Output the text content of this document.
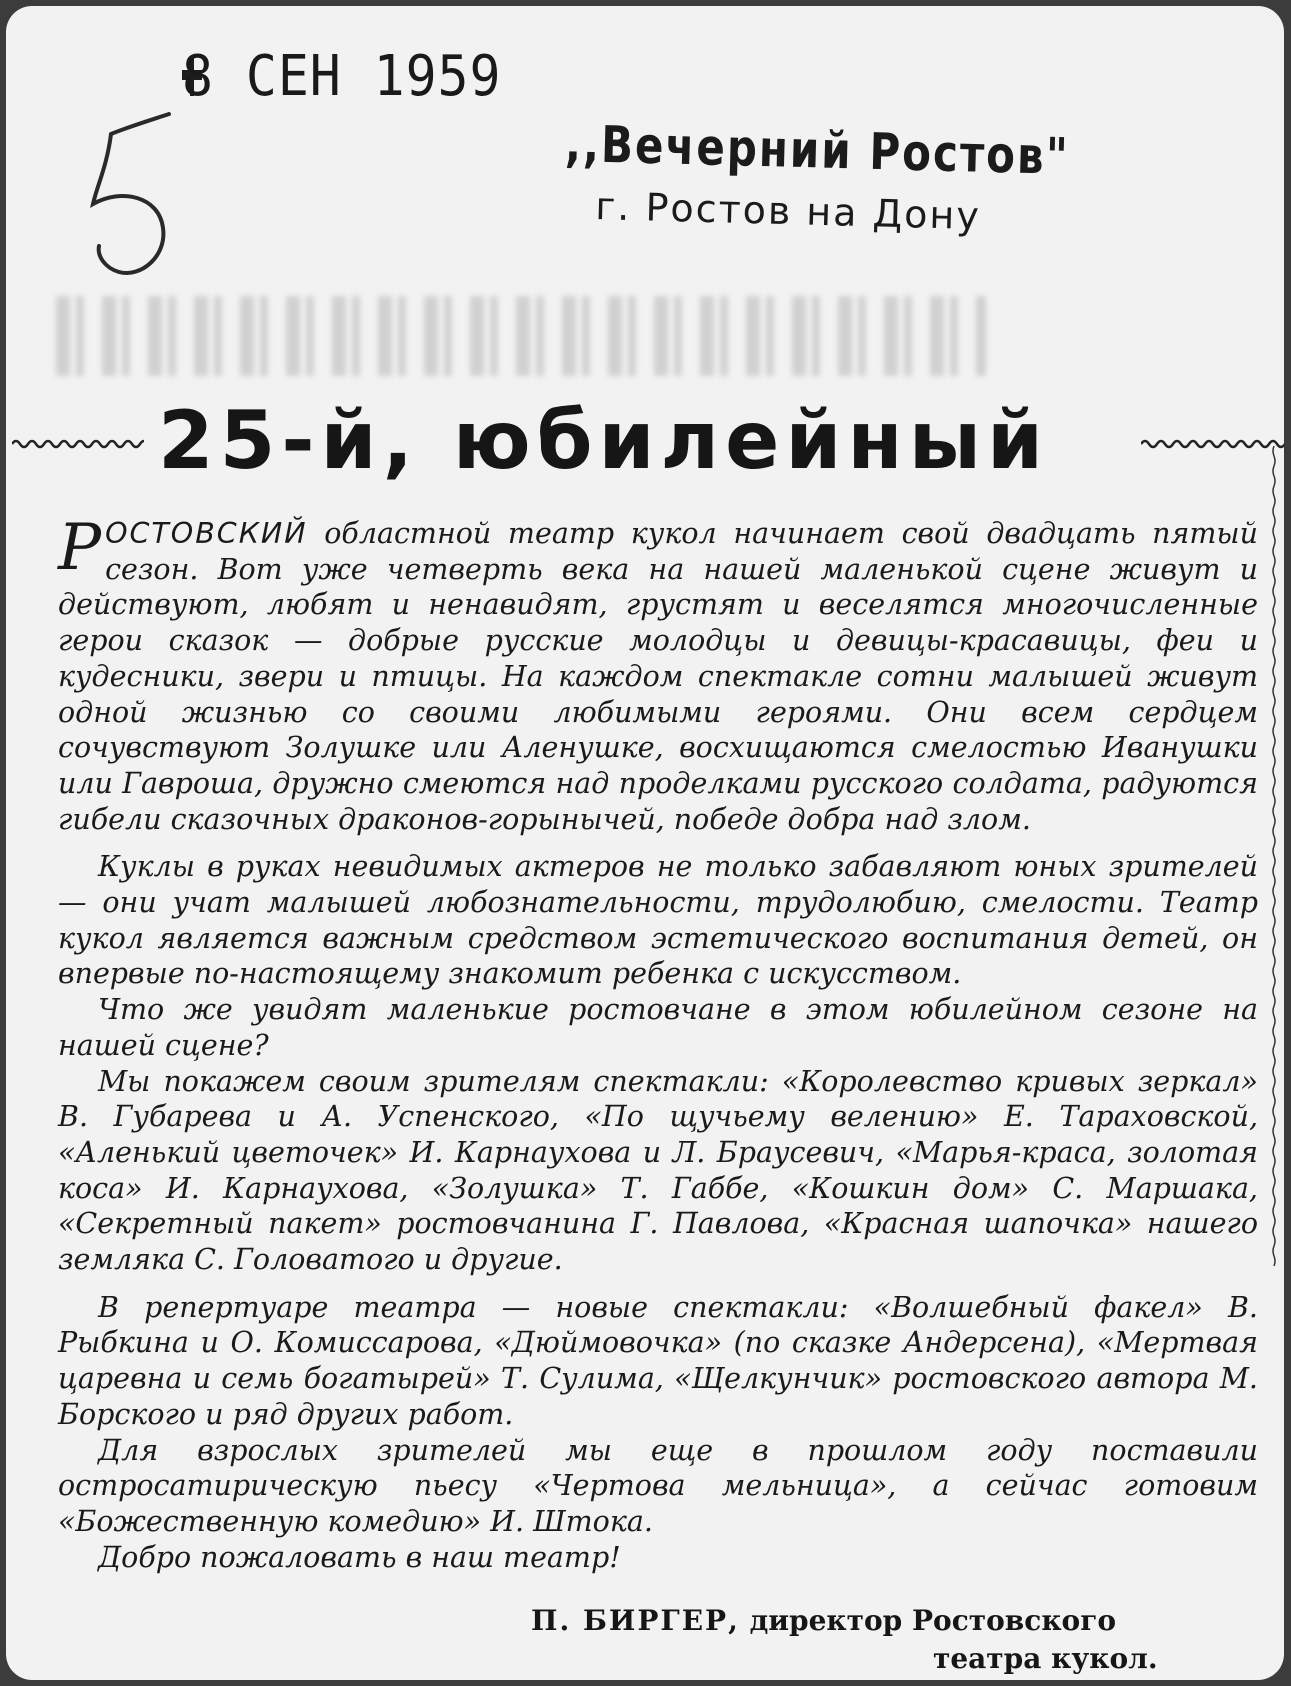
8 СЕН 1959
,,Вечерний Ростов"
г. Ростов на Дону
25-й, юбилейный

РОСТОВСКИЙ областной театр кукол начинает свой двадцать пятый сезон. Вот уже четверть века на нашей маленькой сцене живут и действуют, любят и ненавидят, грустят и веселятся многочисленные герои сказок — добрые русские молодцы и девицы-красавицы, феи и кудесники, звери и птицы. На каждом спектакле сотни малышей живут одной жизнью со своими любимыми героями. Они всем сердцем сочувствуют Золушке или Аленушке, восхищаются смелостью Иванушки или Гавроша, дружно смеются над проделками русского солдата, радуются гибели сказочных драконов-горынычей, победе добра над злом.

Куклы в руках невидимых актеров не только забавляют юных зрителей — они учат малышей любознательности, трудолюбию, смелости. Театр кукол является важным средством эстетического воспитания детей, он впервые по-настоящему знакомит ребенка с искусством.

Что же увидят маленькие ростовчане в этом юбилейном сезоне на нашей сцене?

Мы покажем своим зрителям спектакли: «Королевство кривых зеркал» В. Губарева и А. Успенского, «По щучьему велению» Е. Тараховской, «Аленький цветочек» И. Карнаухова и Л. Браусевич, «Марья-краса, золотая коса» И. Карнаухова, «Золушка» Т. Габбе, «Кошкин дом» С. Маршака, «Секретный пакет» ростовчанина Г. Павлова, «Красная шапочка» нашего земляка С. Головатого и другие.

В репертуаре театра — новые спектакли: «Волшебный факел» В. Рыбкина и О. Комиссарова, «Дюймовочка» (по сказке Андерсена), «Мертвая царевна и семь богатырей» Т. Сулима, «Щелкунчик» ростовского автора М. Борского и ряд других работ.

Для взрослых зрителей мы еще в прошлом году поставили остросатирическую пьесу «Чертова мельница», а сейчас готовим «Божественную комедию» И. Штока.

Добро пожаловать в наш театр!

П. БИРГЕР, директор Ростовского
театра кукол.
